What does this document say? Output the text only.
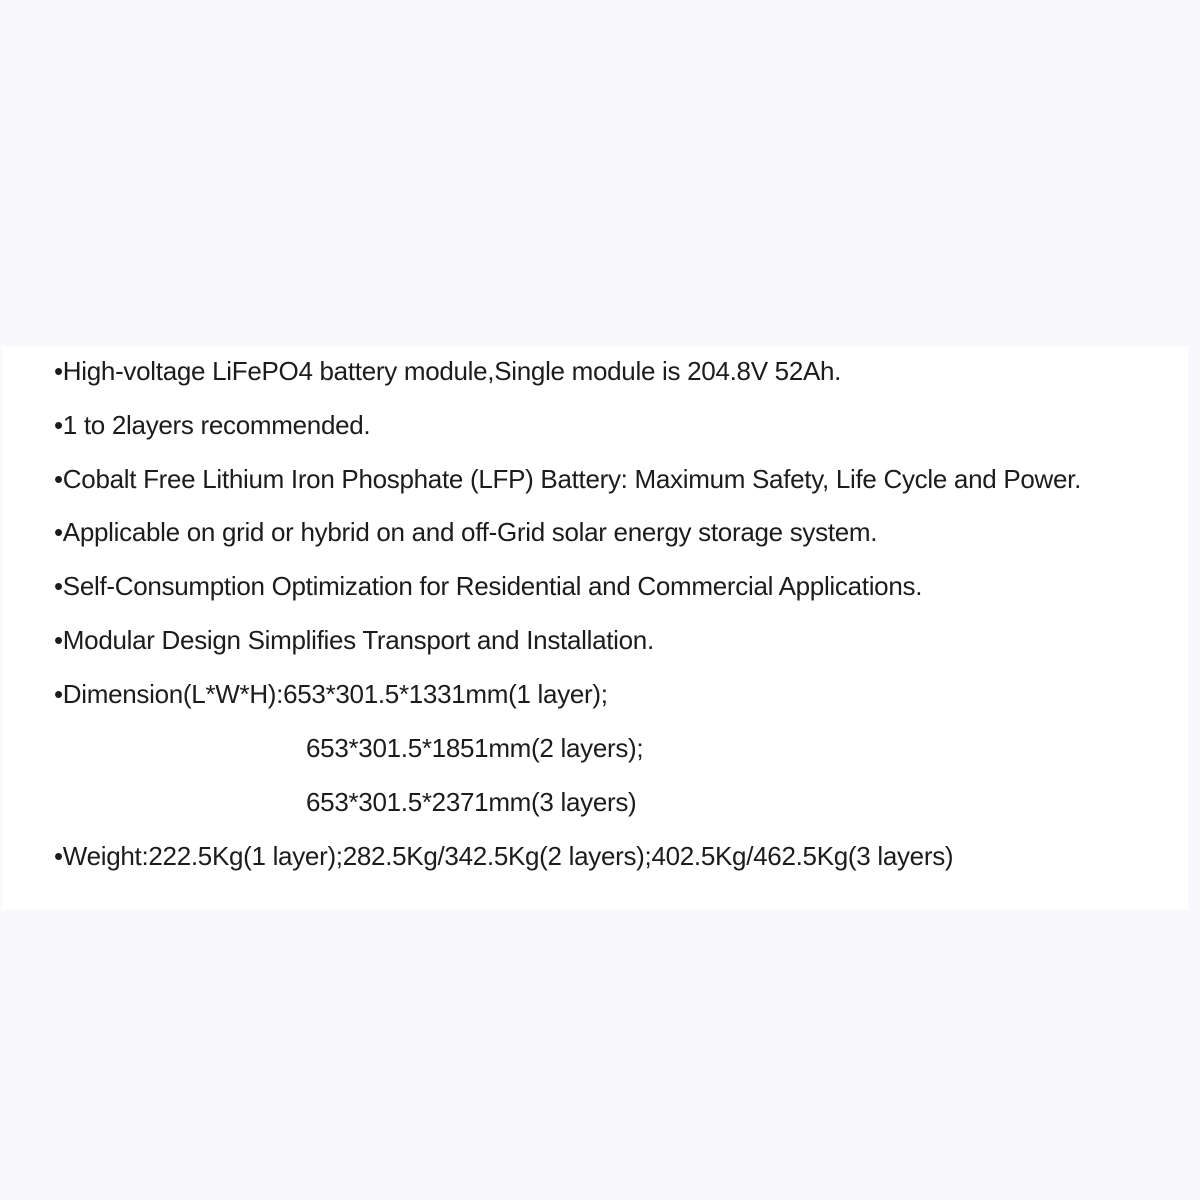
•High-voltage LiFePO4 battery module,Single module is 204.8V 52Ah.
•1 to 2layers recommended.
•Cobalt Free Lithium Iron Phosphate (LFP) Battery: Maximum Safety, Life Cycle and Power.
•Applicable on grid or hybrid on and off-Grid solar energy storage system.
•Self-Consumption Optimization for Residential and Commercial Applications.
•Modular Design Simplifies Transport and Installation.
•Dimension(L*W*H):653*301.5*1331mm(1 layer);
653*301.5*1851mm(2 layers);
653*301.5*2371mm(3 layers)
•Weight:222.5Kg(1 layer);282.5Kg/342.5Kg(2 layers);402.5Kg/462.5Kg(3 layers)
